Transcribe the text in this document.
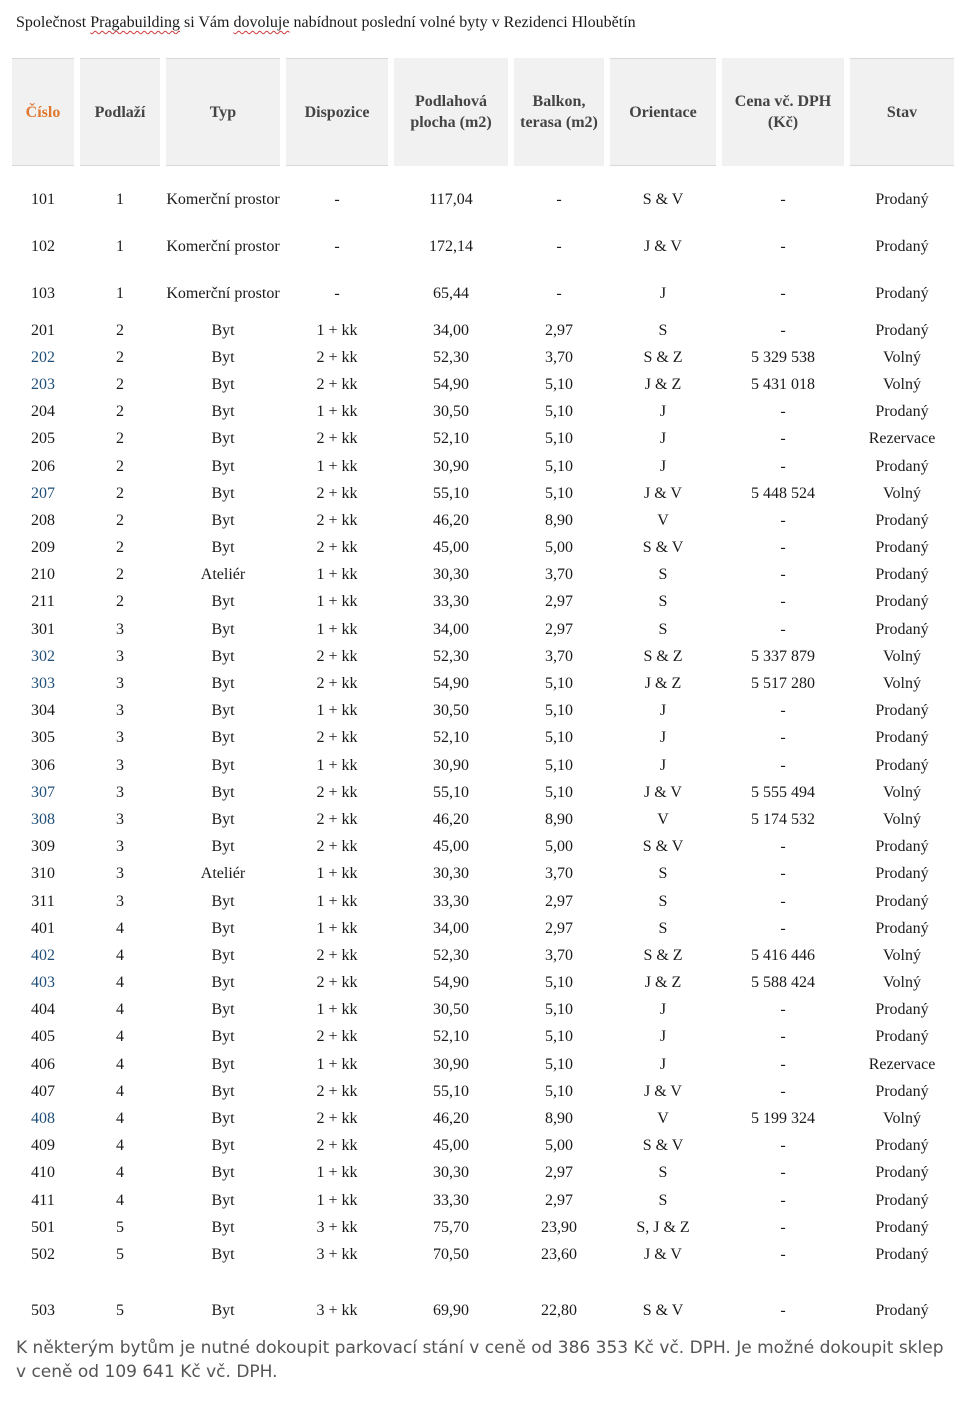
Společnost Pragabuilding si Vám dovoluje nabídnout poslední volné byty v Rezidenci Hloubětín
Číslo	Podlaží	Typ	Dispozice	Podlahová plocha (m2)	Balkon, terasa (m2)	Orientace	Cena vč. DPH (Kč)	Stav
101	1	Komerční prostor	-	117,04	-	S & V	-	Prodaný
102	1	Komerční prostor	-	172,14	-	J & V	-	Prodaný
103	1	Komerční prostor	-	65,44	-	J	-	Prodaný
201	2	Byt	1 + kk	34,00	2,97	S	-	Prodaný
202	2	Byt	2 + kk	52,30	3,70	S & Z	5 329 538	Volný
203	2	Byt	2 + kk	54,90	5,10	J & Z	5 431 018	Volný
204	2	Byt	1 + kk	30,50	5,10	J	-	Prodaný
205	2	Byt	2 + kk	52,10	5,10	J	-	Rezervace
206	2	Byt	1 + kk	30,90	5,10	J	-	Prodaný
207	2	Byt	2 + kk	55,10	5,10	J & V	5 448 524	Volný
208	2	Byt	2 + kk	46,20	8,90	V	-	Prodaný
209	2	Byt	2 + kk	45,00	5,00	S & V	-	Prodaný
210	2	Ateliér	1 + kk	30,30	3,70	S	-	Prodaný
211	2	Byt	1 + kk	33,30	2,97	S	-	Prodaný
301	3	Byt	1 + kk	34,00	2,97	S	-	Prodaný
302	3	Byt	2 + kk	52,30	3,70	S & Z	5 337 879	Volný
303	3	Byt	2 + kk	54,90	5,10	J & Z	5 517 280	Volný
304	3	Byt	1 + kk	30,50	5,10	J	-	Prodaný
305	3	Byt	2 + kk	52,10	5,10	J	-	Prodaný
306	3	Byt	1 + kk	30,90	5,10	J	-	Prodaný
307	3	Byt	2 + kk	55,10	5,10	J & V	5 555 494	Volný
308	3	Byt	2 + kk	46,20	8,90	V	5 174 532	Volný
309	3	Byt	2 + kk	45,00	5,00	S & V	-	Prodaný
310	3	Ateliér	1 + kk	30,30	3,70	S	-	Prodaný
311	3	Byt	1 + kk	33,30	2,97	S	-	Prodaný
401	4	Byt	1 + kk	34,00	2,97	S	-	Prodaný
402	4	Byt	2 + kk	52,30	3,70	S & Z	5 416 446	Volný
403	4	Byt	2 + kk	54,90	5,10	J & Z	5 588 424	Volný
404	4	Byt	1 + kk	30,50	5,10	J	-	Prodaný
405	4	Byt	2 + kk	52,10	5,10	J	-	Prodaný
406	4	Byt	1 + kk	30,90	5,10	J	-	Rezervace
407	4	Byt	2 + kk	55,10	5,10	J & V	-	Prodaný
408	4	Byt	2 + kk	46,20	8,90	V	5 199 324	Volný
409	4	Byt	2 + kk	45,00	5,00	S & V	-	Prodaný
410	4	Byt	1 + kk	30,30	2,97	S	-	Prodaný
411	4	Byt	1 + kk	33,30	2,97	S	-	Prodaný
501	5	Byt	3 + kk	75,70	23,90	S, J & Z	-	Prodaný
502	5	Byt	3 + kk	70,50	23,60	J & V	-	Prodaný
503	5	Byt	3 + kk	69,90	22,80	S & V	-	Prodaný
K některým bytům je nutné dokoupit parkovací stání v ceně od 386 353 Kč vč. DPH. Je možné dokoupit sklep v ceně od 109 641 Kč vč. DPH.
